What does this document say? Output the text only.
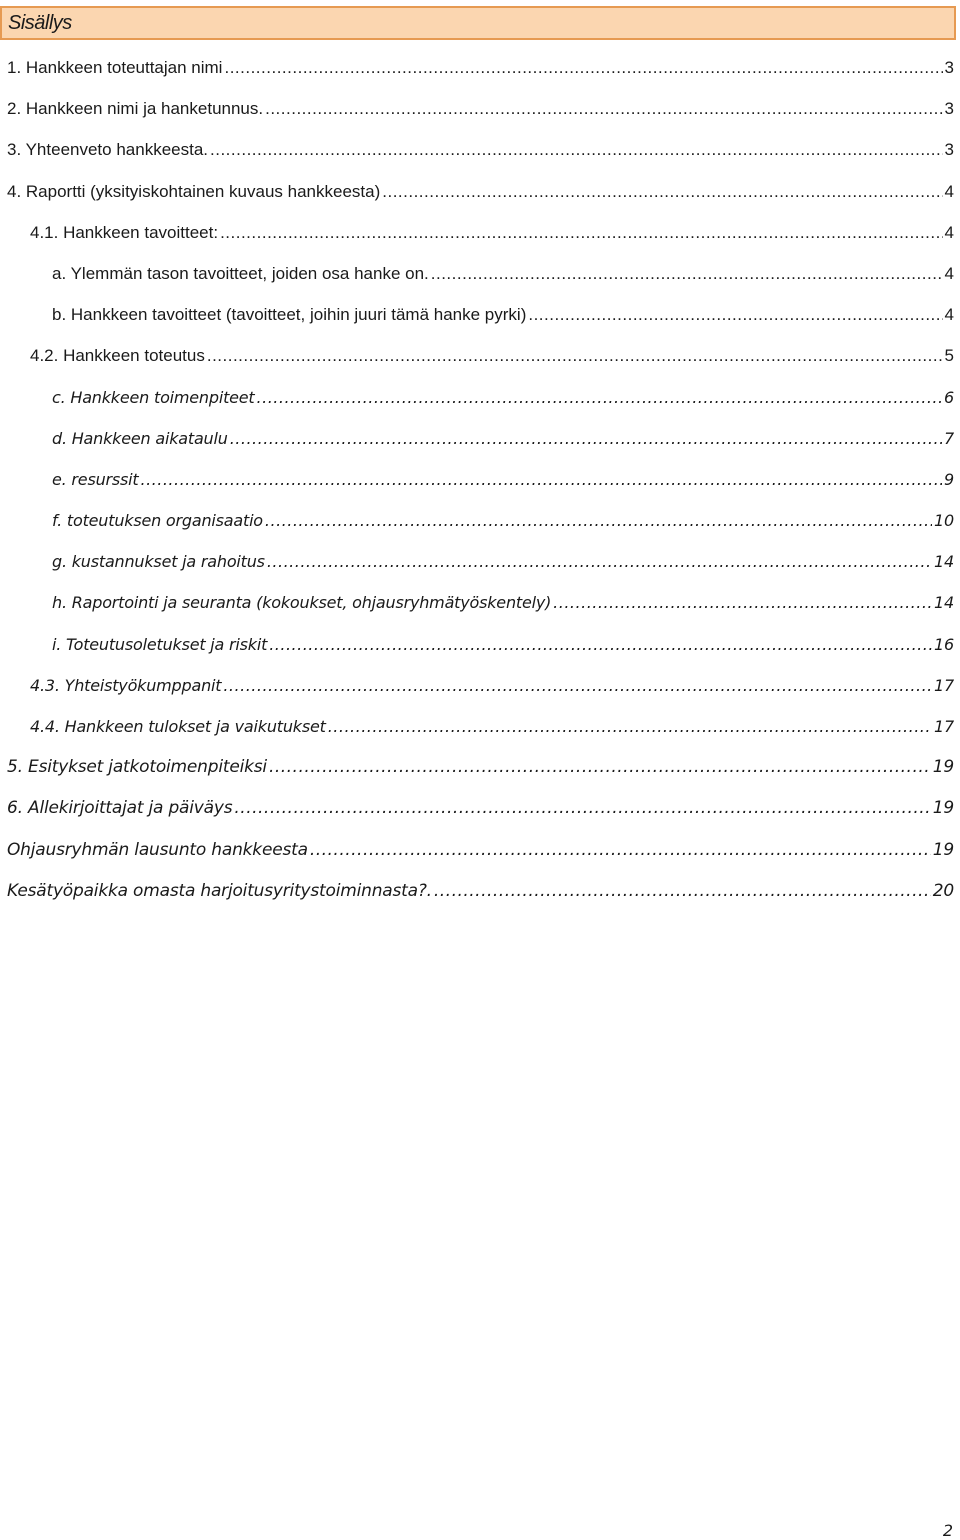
Sisällys
1. Hankkeen toteuttajan nimi .....	3
2. Hankkeen nimi ja hanketunnus. .....	3
3. Yhteenveto hankkeesta. .....	3
4. Raportti (yksityiskohtainen kuvaus hankkeesta) .....	4
4.1. Hankkeen tavoitteet: .....	4
a. Ylemmän tason tavoitteet, joiden osa hanke on. .....	4
b. Hankkeen tavoitteet (tavoitteet, joihin juuri tämä hanke pyrki) .....	4
4.2. Hankkeen toteutus .....	5
c. Hankkeen toimenpiteet .....	6
d. Hankkeen aikataulu .....	7
e. resurssit .....	9
f. toteutuksen organisaatio .....	10
g. kustannukset ja rahoitus .....	14
h. Raportointi ja seuranta (kokoukset, ohjausryhmätyöskentely) .....	14
i. Toteutusoletukset ja riskit .....	16
4.3. Yhteistyökumppanit .....	17
4.4. Hankkeen tulokset ja vaikutukset .....	17
5. Esitykset jatkotoimenpiteiksi .....	19
6. Allekirjoittajat ja päiväys .....	19
Ohjausryhmän lausunto hankkeesta .....	19
Kesätyöpaikka omasta harjoitusyritystoiminnasta?. .....	20
2
